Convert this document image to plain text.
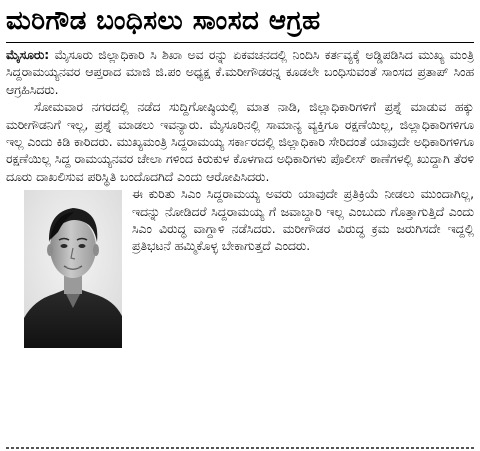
ಮರಿಗೌಡ ಬಂಧಿಸಲು ಸಾಂಸದ ಆಗ್ರಹ

ಮೈಸೂರು: ಮೈಸೂರು ಜಿಲ್ಲಾಧಿಕಾರಿ ಸಿ ಶಿಖಾ ಅವ ರನ್ನು ಏಕವಚನದಲ್ಲಿ ನಿಂದಿಸಿ ಕರ್ತವ್ಯಕ್ಕೆ ಅಡ್ಡಿಪಡಿಸಿದ ಮುಖ್ಯ ಮಂತ್ರಿ ಸಿದ್ದರಾಮಯ್ಯನವರ ಆಪ್ತರಾದ ಮಾಜಿ ಜಿ.ಪಂ ಅಧ್ಯಕ್ಷ ಕೆ.ಮರೀಗೌಡರನ್ನ ಕೂಡಲೇ ಬಂಧಿಸುವಂತೆ ಸಾಂಸದ ಪ್ರತಾಪ್ ಸಿಂಹ ಆಗ್ರಹಿಸಿದರು.

ಸೋಮವಾರ ನಗರದಲ್ಲಿ ನಡೆದ ಸುದ್ದಿಗೋಷ್ಠಿಯಲ್ಲಿ ಮಾತ ನಾಡಿ, ಜಿಲ್ಲಾಧಿಕಾರಿಗಳಿಗೆ ಪ್ರಶ್ನೆ ಮಾಡುವ ಹಕ್ಕು ಮರೀಗೌಡನಿಗೆ ಇಲ್ಲ, ಪ್ರಶ್ನೆ ಮಾಡಲು ಇವನ್ಯಾರು. ಮೈಸೂರಿನಲ್ಲಿ ಸಾಮಾನ್ಯ ವ್ಯಕ್ತಿಗೂ ರಕ್ಷಣೆಯಿಲ್ಲ, ಜಿಲ್ಲಾಧಿಕಾರಿಗಳಿಗೂ ಇಲ್ಲ ಎಂದು ಕಿಡಿ ಕಾರಿದರು. ಮುಖ್ಯಮಂತ್ರಿ ಸಿದ್ದರಾಮಯ್ಯ ಸರ್ಕಾರದಲ್ಲಿ ಜಿಲ್ಲಾಧಿಕಾರಿ ಸೇರಿದಂತೆ ಯಾವುದೇ ಅಧಿಕಾರಿಗಳಿಗೂ ರಕ್ಷಣೆಯಿಲ್ಲ ಸಿದ್ದ ರಾಮಯ್ಯನವರ ಚೇಲಾ ಗಳಿಂದ ಕಿರುಕುಳ ಕೊಳಗಾದ ಅಧಿಕಾರಿಗಳು ಪೊಲೀಸ್ ಠಾಣೆಗಳಲ್ಲಿ ಖುದ್ದಾಗಿ ತೆರಳಿ ದೂರು ದಾಖಲಿಸುವ ಪರಿಸ್ಥಿತಿ ಬಂದೊದಗಿದೆ ಎಂದು ಆರೋಪಿಸಿದರು.

ಈ ಕುರಿತು ಸಿಎಂ ಸಿದ್ದರಾಮಯ್ಯ ಅವರು ಯಾವುದೇ ಪ್ರತಿಕ್ರಿಯೆ ನೀಡಲು ಮುಂದಾಗಿಲ್ಲ, ಇದನ್ನು ನೋಡಿದರೆ ಸಿದ್ದರಾಮಯ್ಯ ಗೆ ಜವಾಬ್ದಾರಿ ಇಲ್ಲ ಎಂಬುದು ಗೊತ್ತಾಗುತ್ತಿದೆ ಎಂದು ಸಿಎಂ ವಿರುದ್ಧ ವಾಗ್ದಾಳಿ ನಡೆಸಿದರು. ಮರೀಗೌಡರ ವಿರುದ್ಧ ಕ್ರಮ ಜರುಗಿಸದೇ ಇದ್ದಲ್ಲಿ ಪ್ರತಿಭಟನೆ ಹಮ್ಮಿಕೊಳ್ಳ ಬೇಕಾಗುತ್ತದೆ ಎಂದರು.
